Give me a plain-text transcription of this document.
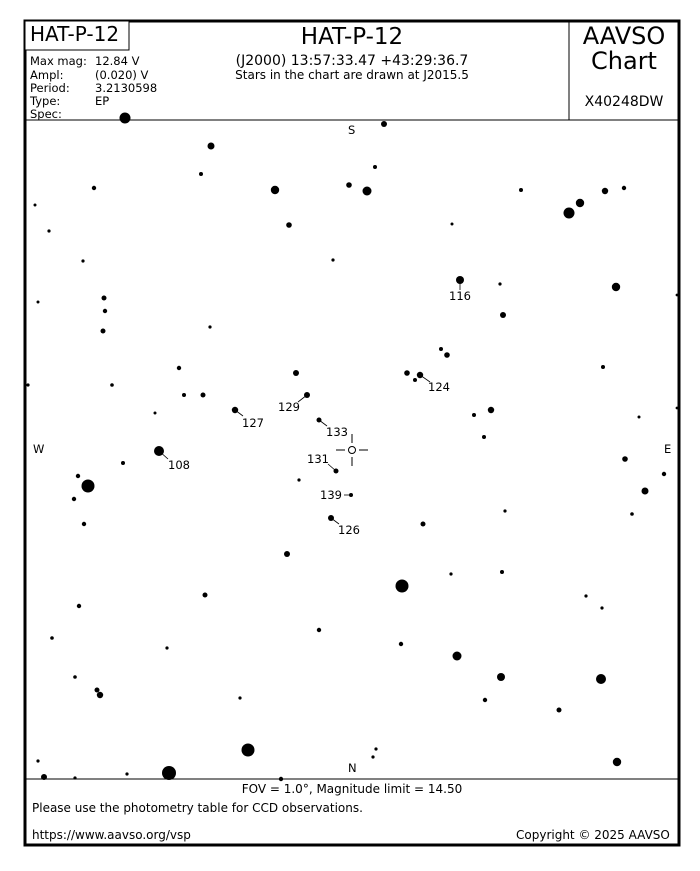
HAT-P-12	HAT-P-12
(J2000) 13:57:33.47 +43:29:36.7
Stars in the chart are drawn at J2015.5
AAVSO
Chart
X40248DW
Max mag: 12.84 V
Ampl:	(0.020) V
Period: 3.2130598
Type:	EP
Spec:
S
N
W	E
116
124
129
127
133
108	131
139
126
FOV = 1.0°, Magnitude limit = 14.50
Please use the photometry table for CCD observations.
https://www.aavso.org/vsp	Copyright © 2025 AAVSO
